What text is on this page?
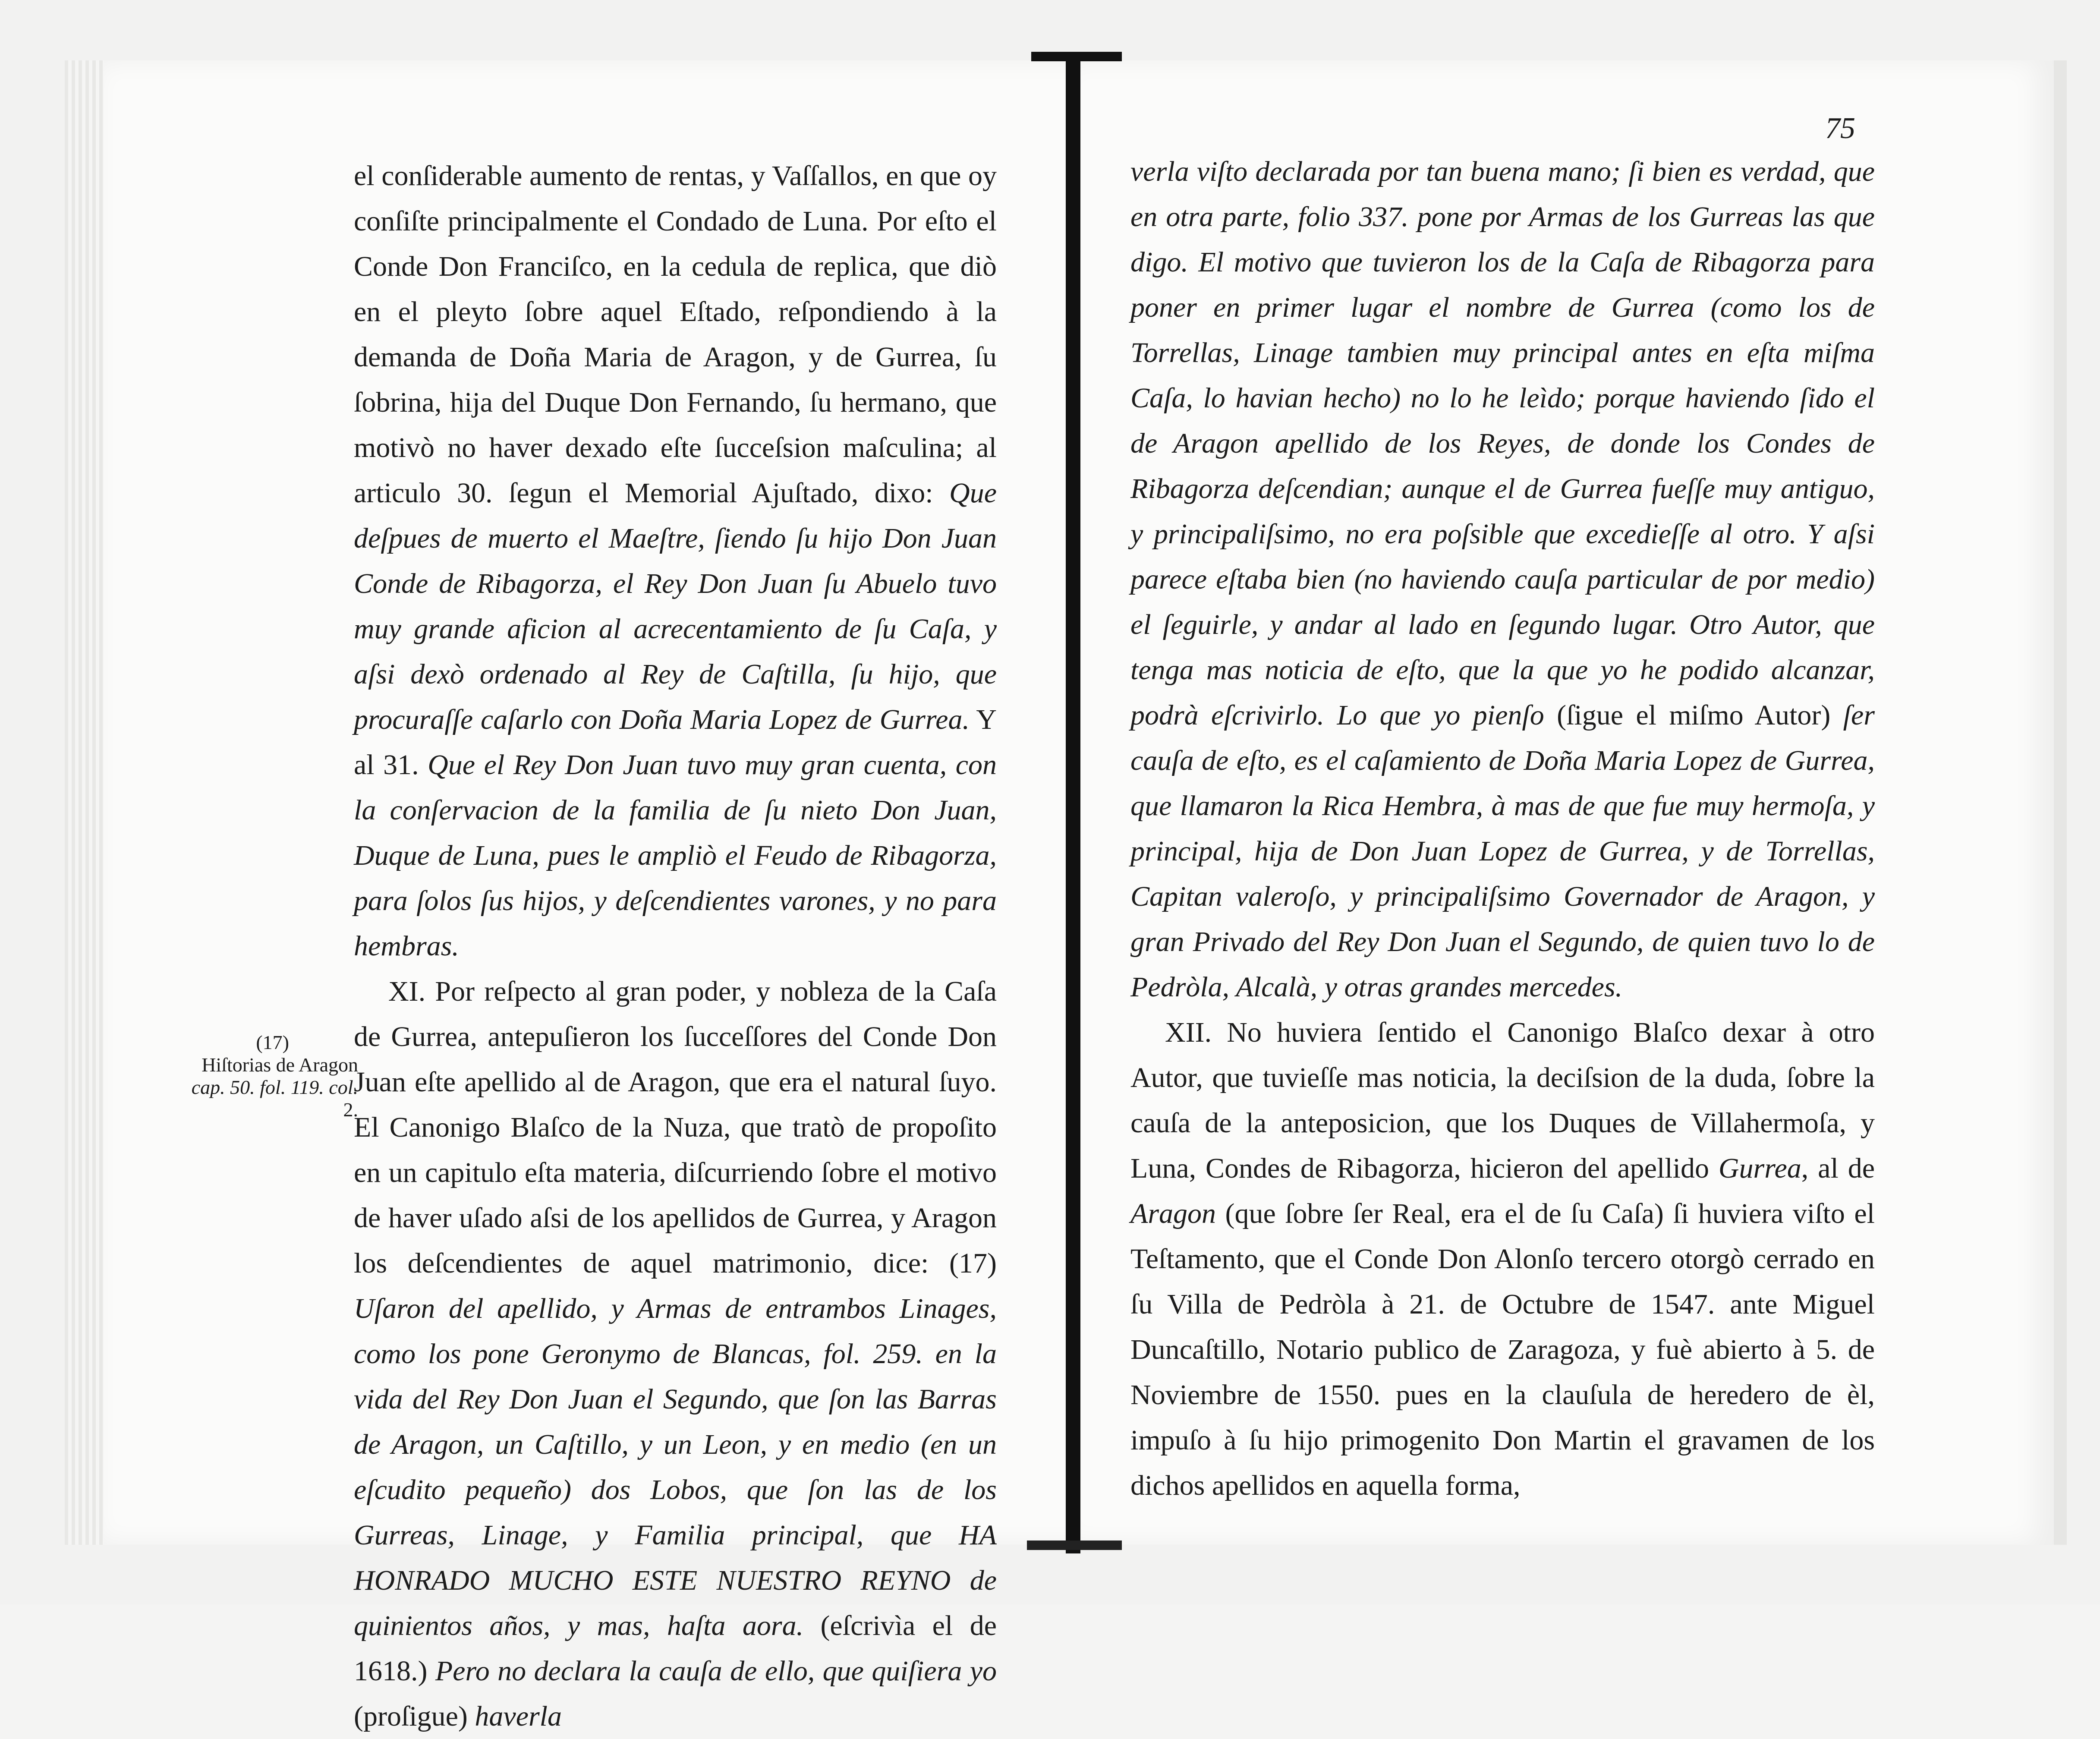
75
(17)
Hiſtorias de Aragon
cap. 50. fol. 119. col.
2.

el conſiderable aumento de rentas, y Vaſſallos, en que oy conſiſte principalmente el Condado de Luna. Por eſto el Conde Don Franciſco, en la cedula de replica, que diò en el pleyto ſobre aquel Eſtado, reſpondiendo à la demanda de Doña Maria de Aragon, y de Gurrea, ſu ſobrina, hija del Duque Don Fernando, ſu hermano, que motivò no haver dexado eſte ſucceſsion maſculina; al articulo 30. ſegun el Memorial Ajuſtado, dixo: Que deſpues de muerto el Maeſtre, ſiendo ſu hijo Don Juan Conde de Ribagorza, el Rey Don Juan ſu Abuelo tuvo muy grande aficion al acrecentamiento de ſu Caſa, y aſsi dexò ordenado al Rey de Caſtilla, ſu hijo, que procuraſſe caſarlo con Doña Maria Lopez de Gurrea. Y al 31. Que el Rey Don Juan tuvo muy gran cuenta, con la conſervacion de la familia de ſu nieto Don Juan, Duque de Luna, pues le ampliò el Feudo de Ribagorza, para ſolos ſus hijos, y deſcendientes varones, y no para hembras.

XI. Por reſpecto al gran poder, y nobleza de la Caſa de Gurrea, antepuſieron los ſucceſſores del Conde Don Juan eſte apellido al de Aragon, que era el natural ſuyo. El Canonigo Blaſco de la Nuza, que tratò de propoſito en un capitulo eſta materia, diſcurriendo ſobre el motivo de haver uſado aſsi de los apellidos de Gurrea, y Aragon los deſcendientes de aquel matrimonio, dice: (17) Uſaron del apellido, y Armas de entrambos Linages, como los pone Geronymo de Blancas, fol. 259. en la vida del Rey Don Juan el Segundo, que ſon las Barras de Aragon, un Caſtillo, y un Leon, y en medio (en un eſcudito pequeño) dos Lobos, que ſon las de los Gurreas, Linage, y Familia principal, que HA HONRADO MUCHO ESTE NUESTRO REYNO de quinientos años, y mas, haſta aora. (eſcrivìa el de 1618.) Pero no declara la cauſa de ello, que quiſiera yo (proſigue) haverla

verla viſto declarada por tan buena mano; ſi bien es verdad, que en otra parte, folio 337. pone por Armas de los Gurreas las que digo. El motivo que tuvieron los de la Caſa de Ribagorza para poner en primer lugar el nombre de Gurrea (como los de Torrellas, Linage tambien muy principal antes en eſta miſma Caſa, lo havian hecho) no lo he leìdo; porque haviendo ſido el de Aragon apellido de los Reyes, de donde los Condes de Ribagorza deſcendian; aunque el de Gurrea fueſſe muy antiguo, y principaliſsimo, no era poſsible que excedieſſe al otro. Y aſsi parece eſtaba bien (no haviendo cauſa particular de por medio) el ſeguirle, y andar al lado en ſegundo lugar. Otro Autor, que tenga mas noticia de eſto, que la que yo he podido alcanzar, podrà eſcrivirlo. Lo que yo pienſo (ſigue el miſmo Autor) ſer cauſa de eſto, es el caſamiento de Doña Maria Lopez de Gurrea, que llamaron la Rica Hembra, à mas de que fue muy hermoſa, y principal, hija de Don Juan Lopez de Gurrea, y de Torrellas, Capitan valeroſo, y principaliſsimo Governador de Aragon, y gran Privado del Rey Don Juan el Segundo, de quien tuvo lo de Pedròla, Alcalà, y otras grandes mercedes.

XII. No huviera ſentido el Canonigo Blaſco dexar à otro Autor, que tuvieſſe mas noticia, la deciſsion de la duda, ſobre la cauſa de la anteposicion, que los Duques de Villahermoſa, y Luna, Condes de Ribagorza, hicieron del apellido Gurrea, al de Aragon (que ſobre ſer Real, era el de ſu Caſa) ſi huviera viſto el Teſtamento, que el Conde Don Alonſo tercero otorgò cerrado en ſu Villa de Pedròla à 21. de Octubre de 1547. ante Miguel Duncaſtillo, Notario publico de Zaragoza, y fuè abierto à 5. de Noviembre de 1550. pues en la clauſula de heredero de èl, impuſo à ſu hijo primogenito Don Martin el gravamen de los dichos apellidos en aquella forma,
